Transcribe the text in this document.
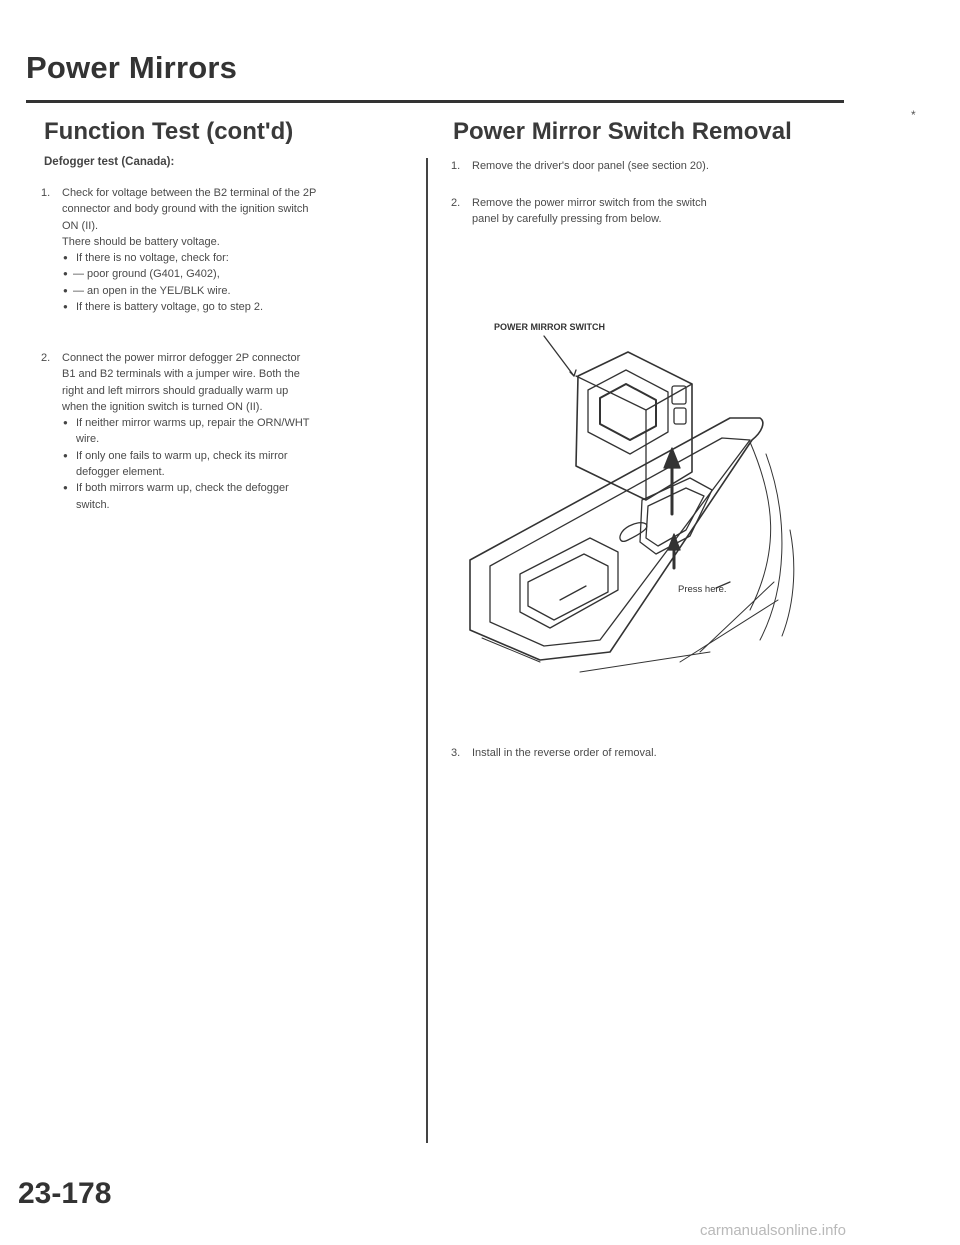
Power Mirrors
Function Test (cont'd)	Power Mirror Switch Removal
*
Defogger test (Canada):
1. Check for voltage between the B2 terminal of the 2P

connector and body ground with the ignition switch

ON (II).

There should be battery voltage.

● If there is no voltage, check for:

● — poor ground (G401, G402),

● — an open in the YEL/BLK wire.

● If there is battery voltage, go to step 2.

2. Connect the power mirror defogger 2P connector

B1 and B2 terminals with a jumper wire. Both the

right and left mirrors should gradually warm up

when the ignition switch is turned ON (II).

● If neither mirror warms up, repair the ORN/WHT

wire.

● If only one fails to warm up, check its mirror

defogger element.

● If both mirrors warm up, check the defogger

switch.

1. Remove the driver's door panel (see section 20).

2. Remove the power mirror switch from the switch

panel by carefully pressing from below.

POWER MIRROR SWITCH
Press here.
3. Install in the reverse order of removal.

23-178
carmanualsonline.info
